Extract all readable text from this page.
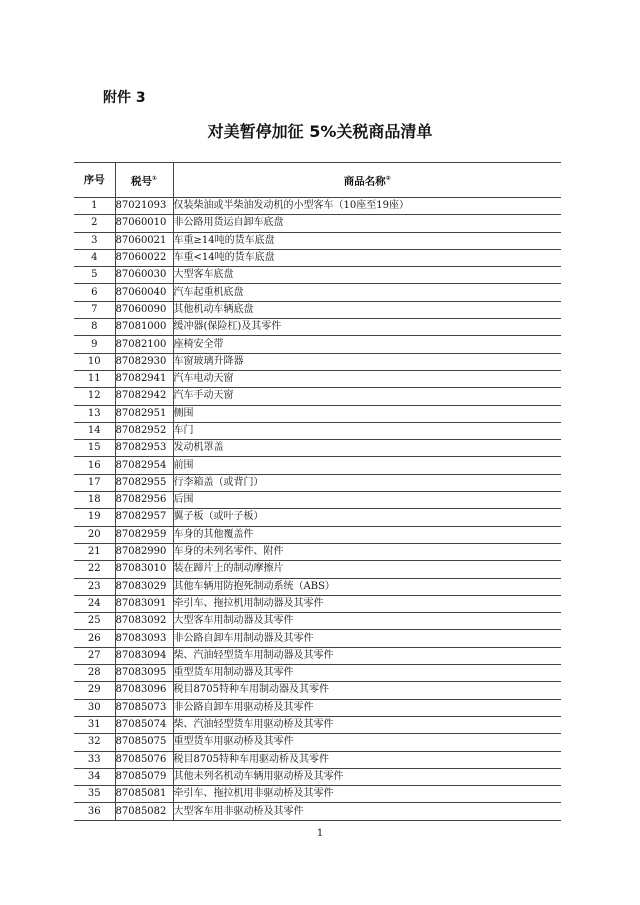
附件 3

对美暂停加征 5%关税商品清单
序号	税号①	商品名称②
1	87021093	仅装柴油或半柴油发动机的小型客车（10座至19座）
2	87060010	非公路用货运自卸车底盘
3	87060021	车重≥14吨的货车底盘
4	87060022	车重<14吨的货车底盘
5	87060030	大型客车底盘
6	87060040	汽车起重机底盘
7	87060090	其他机动车辆底盘
8	87081000	缓冲器(保险杠)及其零件
9	87082100	座椅安全带
10	87082930	车窗玻璃升降器
11	87082941	汽车电动天窗
12	87082942	汽车手动天窗
13	87082951	侧围
14	87082952	车门
15	87082953	发动机罩盖
16	87082954	前围
17	87082955	行李箱盖（或背门）
18	87082956	后围
19	87082957	翼子板（或叶子板）
20	87082959	车身的其他覆盖件
21	87082990	车身的未列名零件、附件
22	87083010	装在蹄片上的制动摩擦片
23	87083029	其他车辆用防抱死制动系统（ABS）
24	87083091	牵引车、拖拉机用制动器及其零件
25	87083092	大型客车用制动器及其零件
26	87083093	非公路自卸车用制动器及其零件
27	87083094	柴、汽油轻型货车用制动器及其零件
28	87083095	重型货车用制动器及其零件
29	87083096	税目8705特种车用制动器及其零件
30	87085073	非公路自卸车用驱动桥及其零件
31	87085074	柴、汽油轻型货车用驱动桥及其零件
32	87085075	重型货车用驱动桥及其零件
33	87085076	税目8705特种车用驱动桥及其零件
34	87085079	其他未列名机动车辆用驱动桥及其零件
35	87085081	牵引车、拖拉机用非驱动桥及其零件
36	87085082	大型客车用非驱动桥及其零件

1
